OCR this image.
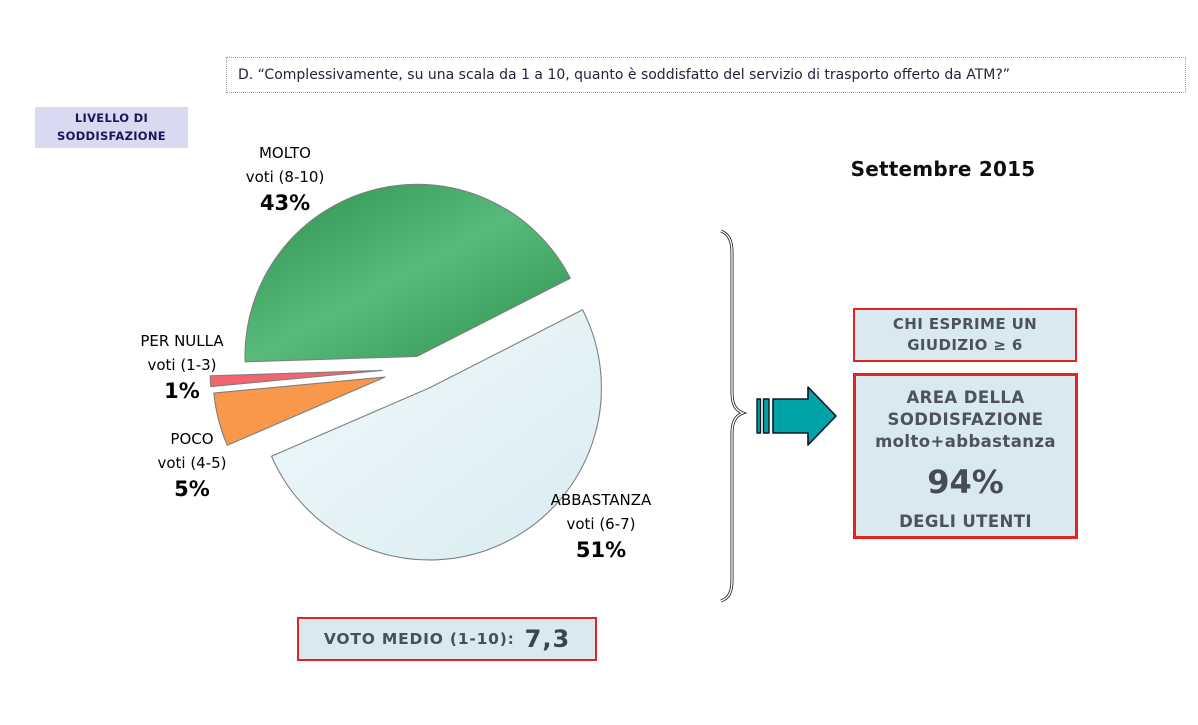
D. “Complessivamente, su una scala da 1 a 10, quanto è soddisfatto del servizio di trasporto offerto da ATM?”
LIVELLO DI SODDISFAZIONE
Settembre 2015
MOLTO
voti (8-10)
43%
PER NULLA
voti (1-3)
1%
POCO
voti (4-5)
5%	ABBASTANZA
voti (6-7)
51%
CHI ESPRIME UN
GIUDIZIO ≥ 6
AREA DELLA
SODDISFAZIONE
molto+abbastanza
94%
DEGLI UTENTI
VOTO MEDIO (1-10): 7,3
